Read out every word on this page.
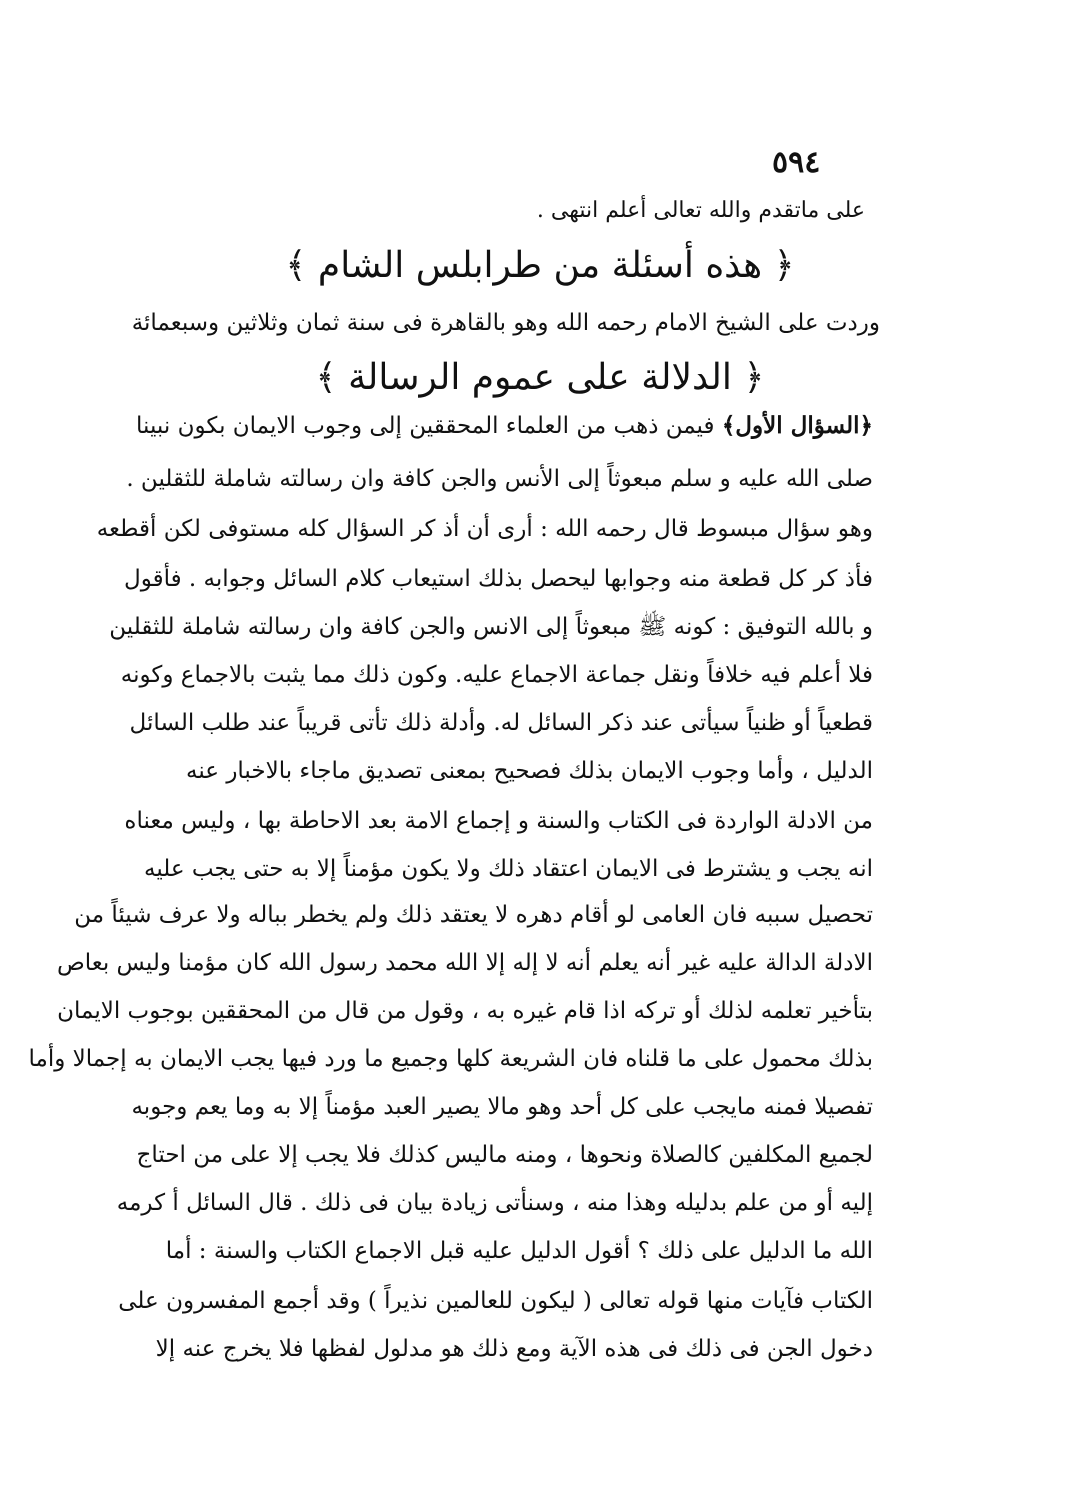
٥٩٤
على ماتقدم والله تعالى أعلم انتهى .
﴿ هذه أسئلة من طرابلس الشام ﴾
وردت على الشيخ الامام رحمه الله وهو بالقاهرة فى سنة ثمان وثلاثين وسبعمائة
﴿ الدلالة على عموم الرسالة ﴾
﴿السؤال الأول﴾ فيمن ذهب من العلماء المحققين إلى وجوب الايمان بكون نبينا
صلى الله عليه و سلم مبعوثاً إلى الأنس والجن كافة وان رسالته شاملة للثقلين .
وهو سؤال مبسوط قال رحمه الله : أرى أن أذ كر السؤال كله مستوفى لكن أقطعه
فأذ كر كل قطعة منه وجوابها ليحصل بذلك استيعاب كلام السائل وجوابه . فأقول
و بالله التوفيق : كونه ﷺ مبعوثاً إلى الانس والجن كافة وان رسالته شاملة للثقلين
فلا أعلم فيه خلافاً ونقل جماعة الاجماع عليه. وكون ذلك مما يثبت بالاجماع وكونه
قطعياً أو ظنياً سيأتى عند ذكر السائل له. وأدلة ذلك تأتى قريباً عند طلب السائل
الدليل ، وأما وجوب الايمان بذلك فصحيح بمعنى تصديق ماجاء بالاخبار عنه
من الادلة الواردة فى الكتاب والسنة و إجماع الامة بعد الاحاطة بها ، وليس معناه
انه يجب و يشترط فى الايمان اعتقاد ذلك ولا يكون مؤمناً إلا به حتى يجب عليه
تحصيل سببه فان العامى لو أقام دهره لا يعتقد ذلك ولم يخطر بباله ولا عرف شيئاً من
الادلة الدالة عليه غير أنه يعلم أنه لا إله إلا الله محمد رسول الله كان مؤمنا وليس بعاص
بتأخير تعلمه لذلك أو تركه اذا قام غيره به ، وقول من قال من المحققين بوجوب الايمان
بذلك محمول على ما قلناه فان الشريعة كلها وجميع ما ورد فيها يجب الايمان به إجمالا وأما
تفصيلا فمنه مايجب على كل أحد وهو مالا يصير العبد مؤمناً إلا به وما يعم وجوبه
لجميع المكلفين كالصلاة ونحوها ، ومنه ماليس كذلك فلا يجب إلا على من احتاج
إليه أو من علم بدليله وهذا منه ، وسنأتى زيادة بيان فى ذلك . قال السائل أ كرمه
الله ما الدليل على ذلك ؟ أقول الدليل عليه قبل الاجماع الكتاب والسنة : أما
الكتاب فآيات منها قوله تعالى ( ليكون للعالمين نذيراً ) وقد أجمع المفسرون على
دخول الجن فى ذلك فى هذه الآية ومع ذلك هو مدلول لفظها فلا يخرج عنه إلا
